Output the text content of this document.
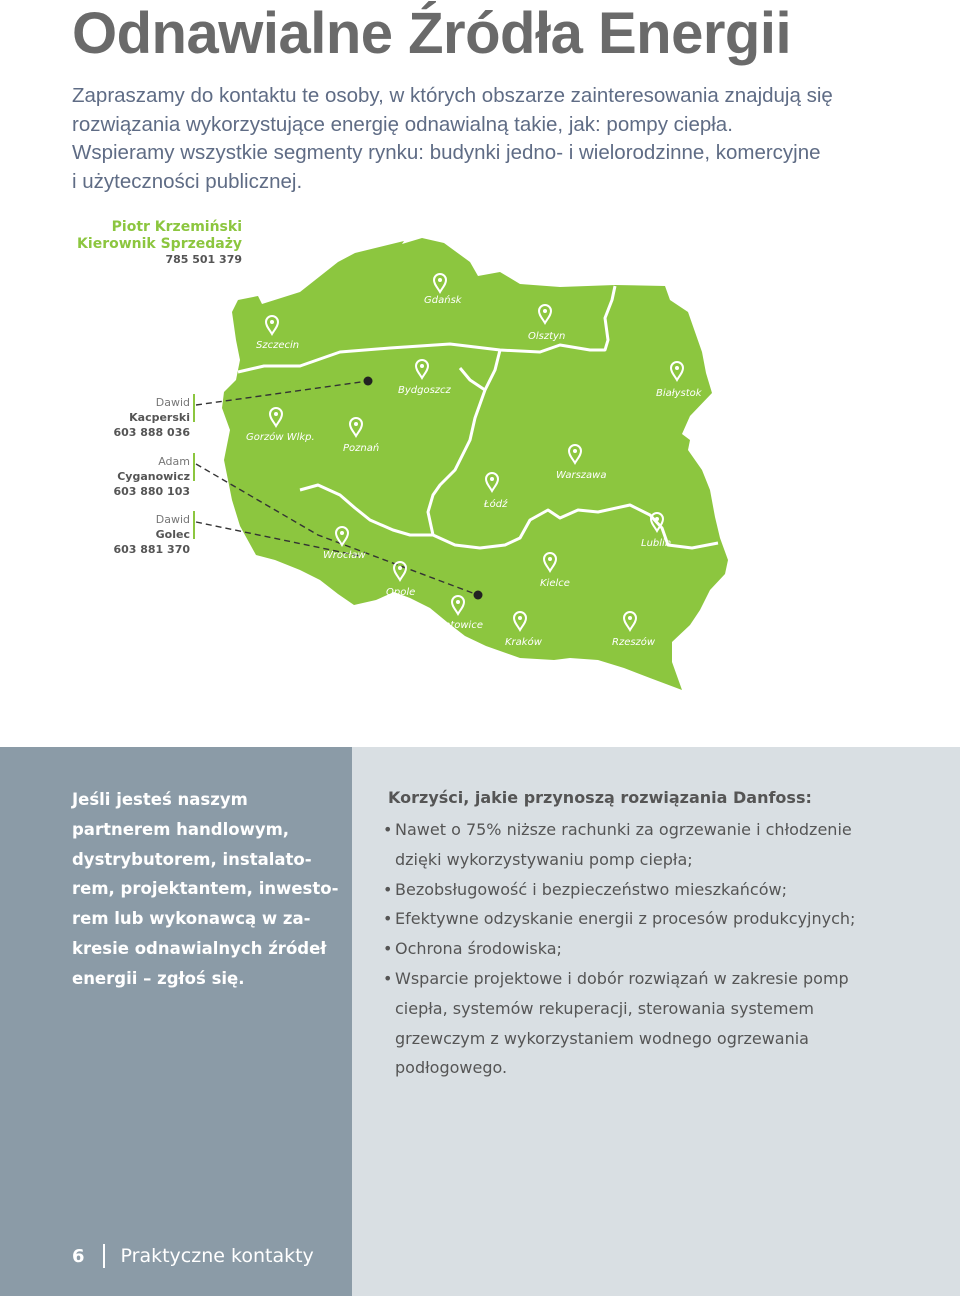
Odnawialne Źródła Energii
Zapraszamy do kontaktu te osoby, w których obszarze zainteresowania znajdują się
rozwiązania wykorzystujące energię odnawialną takie, jak: pompy ciepła.
Wspieramy wszystkie segmenty rynku: budynki jedno- i wielorodzinne, komercyjne
i użyteczności publicznej.
Piotr Krzemiński
Kierownik Sprzedaży
785 501 379
Gdańsk
Szczecin
Olsztyn
Bydgoszcz	Białystok
Gorzów Wlkp.
Poznań
Warszawa
Łódź
Lublin
Wrocław
Opole
Kielce
Katowice
Kraków	Rzeszów
Dawid
Kacperski
603 888 036
Adam
Cyganowicz
603 880 103
Dawid
Golec
603 881 370
Jeśli jesteś naszym
partnerem handlowym,
dystrybutorem, instalato-
rem, projektantem, inwesto-
rem lub wykonawcą w za-
kresie odnawialnych źródeł
energii – zgłoś się.
Korzyści, jakie przynoszą rozwiązania Danfoss:
• Nawet o 75% niższe rachunki za ogrzewanie i chłodzenie
dzięki wykorzystywaniu pomp ciepła;
• Bezobsługowość i bezpieczeństwo mieszkańców;
• Efektywne odzyskanie energii z procesów produkcyjnych;
• Ochrona środowiska;
• Wsparcie projektowe i dobór rozwiązań w zakresie pomp
ciepła, systemów rekuperacji, sterowania systemem
grzewczym z wykorzystaniem wodnego ogrzewania
podłogowego.
6 Praktyczne kontakty
